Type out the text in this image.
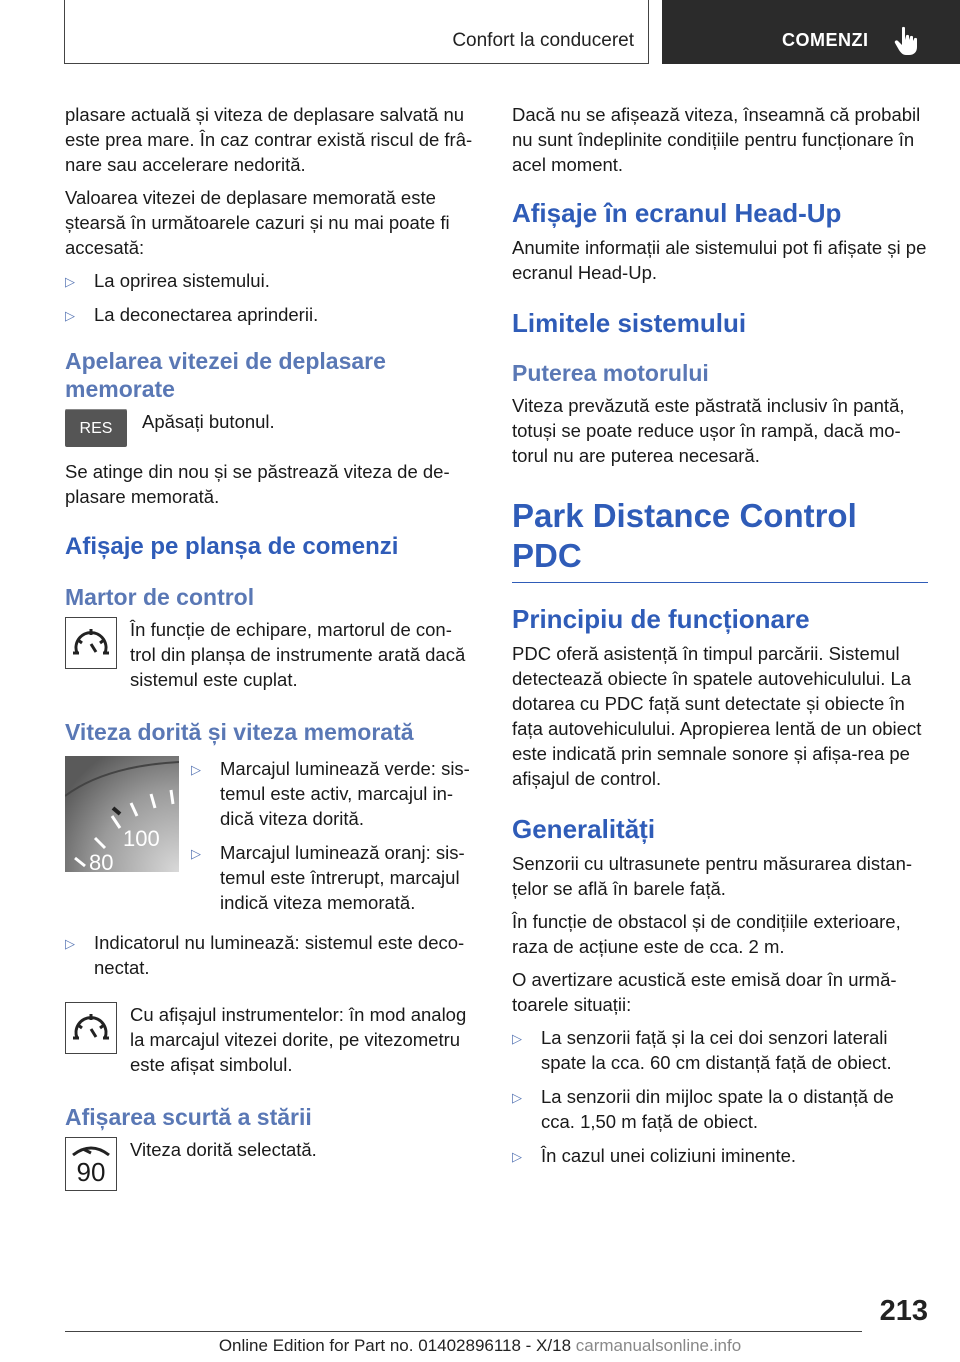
Confort la conduceret	COMENZI

plasare actuală și viteza de deplasare salvată nu este prea mare. În caz contrar există riscul de frâ‐nare sau accelerare nedorită.

Valoarea vitezei de deplasare memorată este ștearsă în următoarele cazuri și nu mai poate fi accesată:

▷ La oprirea sistemului.
▷ La deconectarea aprinderii.
Apelarea vitezei de deplasare memorate
RES Apăsați butonul.

Se atinge din nou și se păstrează viteza de de‐plasare memorată.

Afișaje pe planșa de comenzi
Martor de control
În funcție de echipare, martorul de con‐trol din planșa de instrumente arată dacă sistemul este cuplat.
Viteza dorită și viteza memorată
100
80
▷ Marcajul luminează verde: sis‐temul este activ, marcajul in‐dică viteza dorită.
▷ Marcajul luminează oranj: sis‐temul este întrerupt, marcajul indică viteza memorată.
▷ Indicatorul nu luminează: sistemul este deco‐nectat.
Cu afișajul instrumentelor: în mod analog la marcajul vitezei dorite, pe vitezometru este afișat simbolul.
Afișarea scurtă a stării
90
Viteza dorită selectată.

Dacă nu se afișează viteza, înseamnă că probabil nu sunt îndeplinite condițiile pentru funcționare în acel moment.

Afișaje în ecranul Head-Up

Anumite informații ale sistemului pot fi afișate și pe ecranul Head-Up.

Limitele sistemului
Puterea motorului

Viteza prevăzută este păstrată inclusiv în pantă, totuși se poate reduce ușor în rampă, dacă mo‐torul nu are puterea necesară.

Park Distance Control PDC
Principiu de funcționare

PDC oferă asistență în timpul parcării. Sistemul detectează obiecte în spatele autovehiculului. La dotarea cu PDC față sunt detectate și obiecte în fața autovehiculului. Apropierea lentă de un obiect este indicată prin semnale sonore și afișa‐rea pe afișajul de control.

Generalități

Senzorii cu ultrasunete pentru măsurarea distan‐țelor se află în barele față.

În funcție de obstacol și de condițiile exterioare, raza de acțiune este de cca. 2 m.

O avertizare acustică este emisă doar în urmă‐toarele situații:

▷ La senzorii față și la cei doi senzori laterali spate la cca. 60 cm distanță față de obiect.
▷ La senzorii din mijloc spate la o distanță de cca. 1,50 m față de obiect.
▷ În cazul unei coliziuni iminente.
213
Online Edition for Part no. 01402896118 - X/18 carmanualsonline.info
